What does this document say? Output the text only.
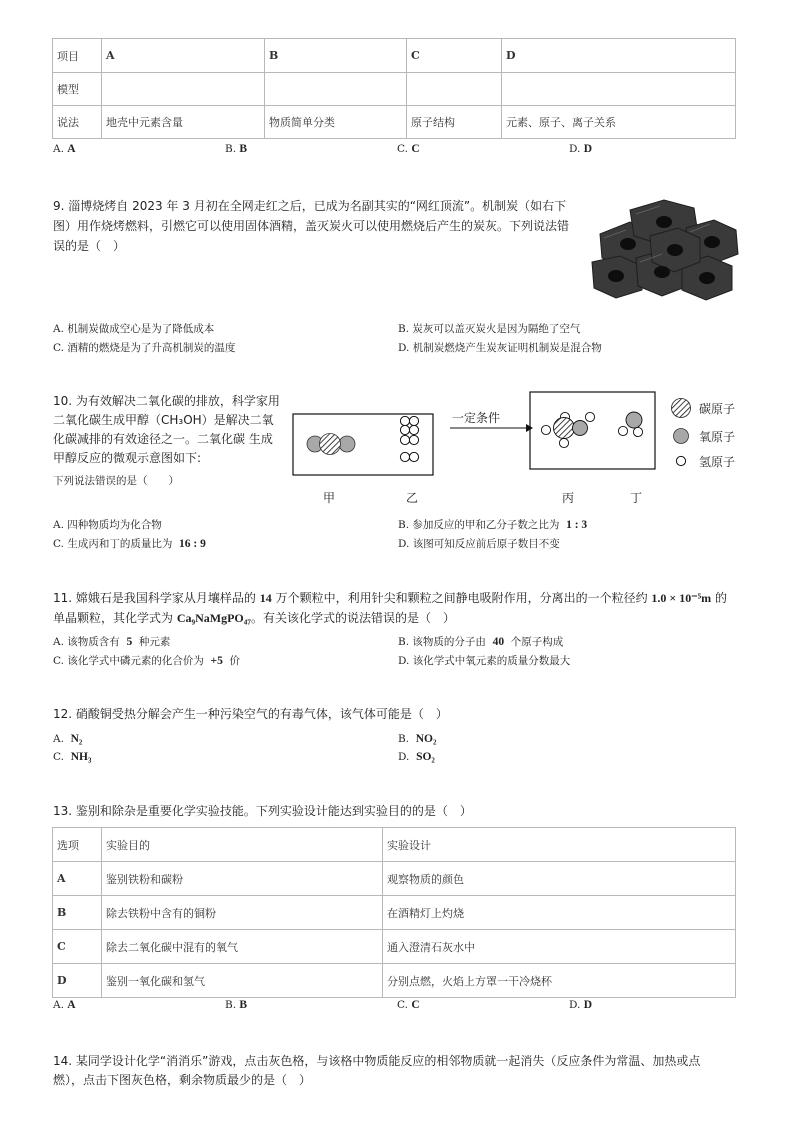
项目	A	B	C	D
模型				
说法	地壳中元素含量	物质简单分类	原子结构	元素、原子、离子关系
A. A	B. B	C. C	D. D
9. 淄博烧烤自 2023 年 3 月初在全网走红之后，已成为名副其实的“网红顶流”。机制炭（如右下
图）用作烧烤燃料，引燃它可以使用固体酒精，盖灭炭火可以使用燃烧后产生的炭灰。下列说法错
误的是（　）
A. 机制炭做成空心是为了降低成本	B. 炭灰可以盖灭炭火是因为隔绝了空气
C. 酒精的燃烧是为了升高机制炭的温度	D. 机制炭燃烧产生炭灰证明机制炭是混合物
10. 为有效解决二氧化碳的排放，科学家用
二氧化碳生成甲醇（CH₃OH）是解决二氧
化碳减排的有效途径之一。二氧化碳 生成
甲醇反应的微观示意图如下:
下列说法错误的是（　　）
一定条件
碳原子
氧原子
氢原子
甲	乙	丙	丁
A. 四种物质均为化合物	B. 参加反应的甲和乙分子数之比为 1 : 3
C. 生成丙和丁的质量比为 16 : 9	D. 该图可知反应前后原子数目不变
11. 嫦娥石是我国科学家从月壤样品的 14 万个颗粒中，利用针尖和颗粒之间静电吸附作用，分离出的一个粒径约 1.0 × 10⁻⁵m 的
单晶颗粒，其化学式为 Ca₉NaMgPO₄₇。有关该化学式的说法错误的是（　）
A. 该物质含有 5 种元素	B. 该物质的分子由 40 个原子构成
C. 该化学式中磷元素的化合价为 +5 价	D. 该化学式中氧元素的质量分数最大
12. 硝酸铜受热分解会产生一种污染空气的有毒气体，该气体可能是（　）
A. N₂	B. NO₂
C. NH₃	D. SO₂
13. 鉴别和除杂是重要化学实验技能。下列实验设计能达到实验目的的是（　）
选项	实验目的	实验设计
A	鉴别铁粉和碳粉	观察物质的颜色
B	除去铁粉中含有的铜粉	在酒精灯上灼烧
C	除去二氧化碳中混有的氧气	通入澄清石灰水中
D	鉴别一氧化碳和氢气	分别点燃，火焰上方罩一干冷烧杯
A. A	B. B	C. C	D. D
14. 某同学设计化学“消消乐”游戏，点击灰色格，与该格中物质能反应的相邻物质就一起消失（反应条件为常温、加热或点
燃），点击下图灰色格，剩余物质最少的是（　）
